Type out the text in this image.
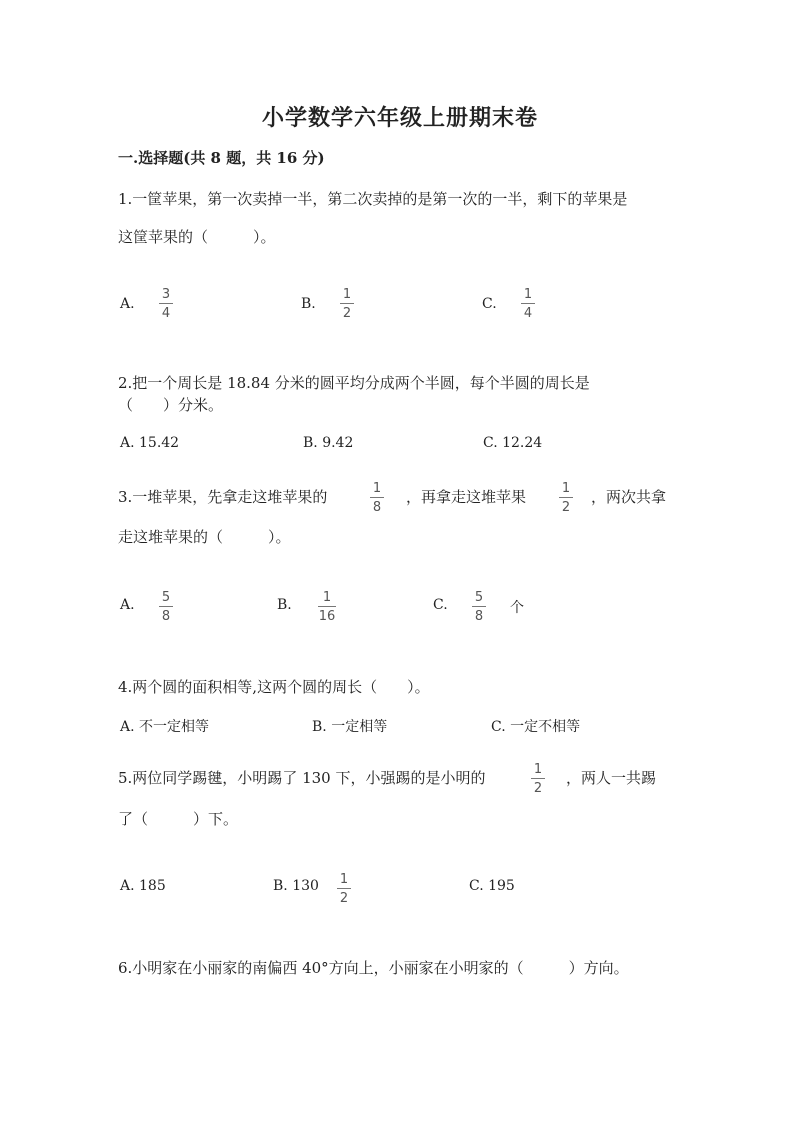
小学数学六年级上册期末卷
一.选择题(共 8 题，共 16 分)
1.一筐苹果，第一次卖掉一半，第二次卖掉的是第一次的一半，剩下的苹果是
这筐苹果的（　　　）。
A.
3
4
B.
1
2
C.
1
4
2.把一个周长是 18.84 分米的圆平均分成两个半圆，每个半圆的周长是
（　　）分米。
A. 15.42	B. 9.42	C. 12.24
3.一堆苹果，先拿走这堆苹果的	1
8
，再拿走这堆苹果	1
2
，两次共拿
走这堆苹果的（　　　）。
A. 5
8
B. 1
16
C. 5
8
个
4.两个圆的面积相等,这两个圆的周长（　　）。
A. 不一定相等	B. 一定相等	C. 一定不相等
5.两位同学踢毽，小明踢了 130 下，小强踢的是小明的	1
2
，两人一共踢
了（　　　）下。
A. 185	B. 130 1
2
C. 195
6.小明家在小丽家的南偏西 40°方向上，小丽家在小明家的（　　　）方向。
